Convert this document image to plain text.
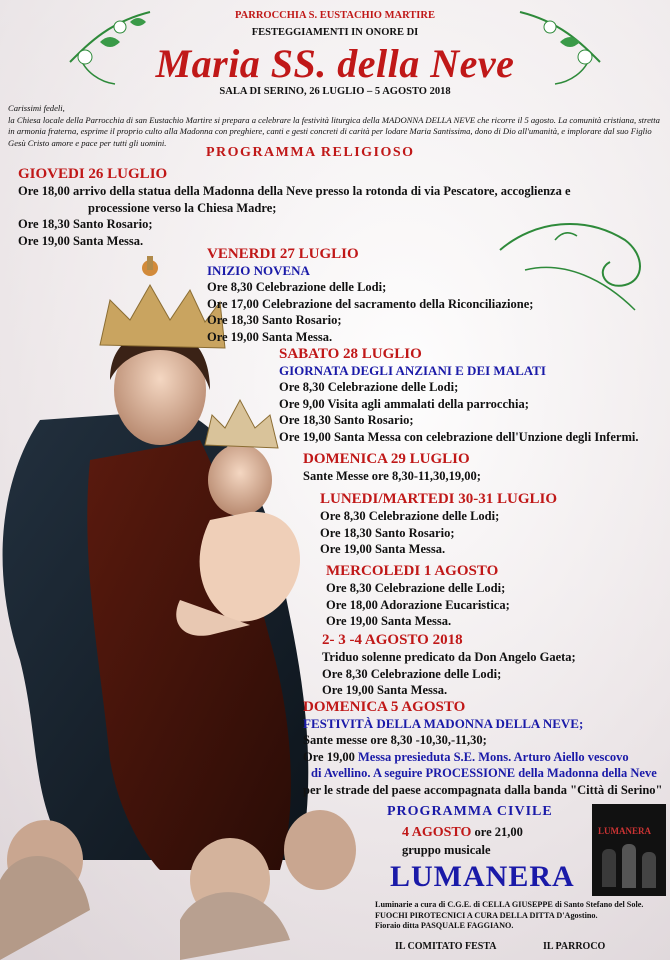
PARROCCHIA S. EUSTACHIO MARTIRE
FESTEGGIAMENTI IN ONORE DI
Maria SS. della Neve
SALA DI SERINO, 26 LUGLIO – 5 AGOSTO 2018
Carissimi fedeli,
la Chiesa locale della Parrocchia di san Eustachio Martire si prepara a celebrare la festività liturgica della MADONNA DELLA NEVE che ricorre il 5 agosto. La comunità cristiana, stretta in armonia fraterna, esprime il proprio culto alla Madonna con preghiere, canti e gesti concreti di carità per lodare Maria Santissima, dono di Dio all'umanità, e implorare dal suo Figlio Gesù Cristo amore e pace per tutti gli uomini.
PROGRAMMA RELIGIOSO
GIOVEDI 26 LUGLIO
Ore 18,00 arrivo della statua della Madonna della Neve presso la rotonda di via Pescatore, accoglienza e
processione verso la Chiesa Madre;
Ore 18,30 Santo Rosario;
Ore 19,00 Santa Messa.
VENERDI 27 LUGLIO
INIZIO NOVENA
Ore 8,30 Celebrazione delle Lodi;
Ore 17,00 Celebrazione del sacramento della Riconciliazione;
Ore 18,30 Santo Rosario;
Ore 19,00 Santa Messa.
SABATO 28 LUGLIO
GIORNATA DEGLI ANZIANI E DEI MALATI
Ore 8,30 Celebrazione delle Lodi;
Ore 9,00 Visita agli ammalati della parrocchia;
Ore 18,30 Santo Rosario;
Ore 19,00 Santa Messa con celebrazione dell'Unzione degli Infermi.
DOMENICA 29 LUGLIO
Sante Messe ore 8,30-11,30,19,00;
LUNEDI/MARTEDI 30-31 LUGLIO
Ore 8,30 Celebrazione delle Lodi;
Ore 18,30 Santo Rosario;
Ore 19,00 Santa Messa.
MERCOLEDI 1 AGOSTO
Ore 8,30 Celebrazione delle Lodi;
Ore 18,00 Adorazione Eucaristica;
Ore 19,00 Santa Messa.
2- 3 -4 AGOSTO 2018
Triduo solenne predicato da Don Angelo Gaeta;
Ore 8,30 Celebrazione delle Lodi;
Ore 19,00 Santa Messa.
DOMENICA 5 AGOSTO
FESTIVITÀ DELLA MADONNA DELLA NEVE;
Sante messe ore 8,30 -10,30,-11,30;
Ore 19,00 Messa presieduta S.E. Mons. Arturo Aiello vescovo
di Avellino. A seguire PROCESSIONE della Madonna della Neve
per le strade del paese accompagnata dalla banda "Città di Serino"
PROGRAMMA CIVILE
4 AGOSTO ore 21,00
gruppo musicale
LUMANERA
LUMANERA
Luminarie a cura di C.G.E. di CELLA GIUSEPPE di Santo Stefano del Sole.
FUOCHI PIROTECNICI A CURA DELLA DITTA D'Agostino.
Fioraio ditta PASQUALE FAGGIANO.
IL COMITATO FESTA	IL PARROCO
